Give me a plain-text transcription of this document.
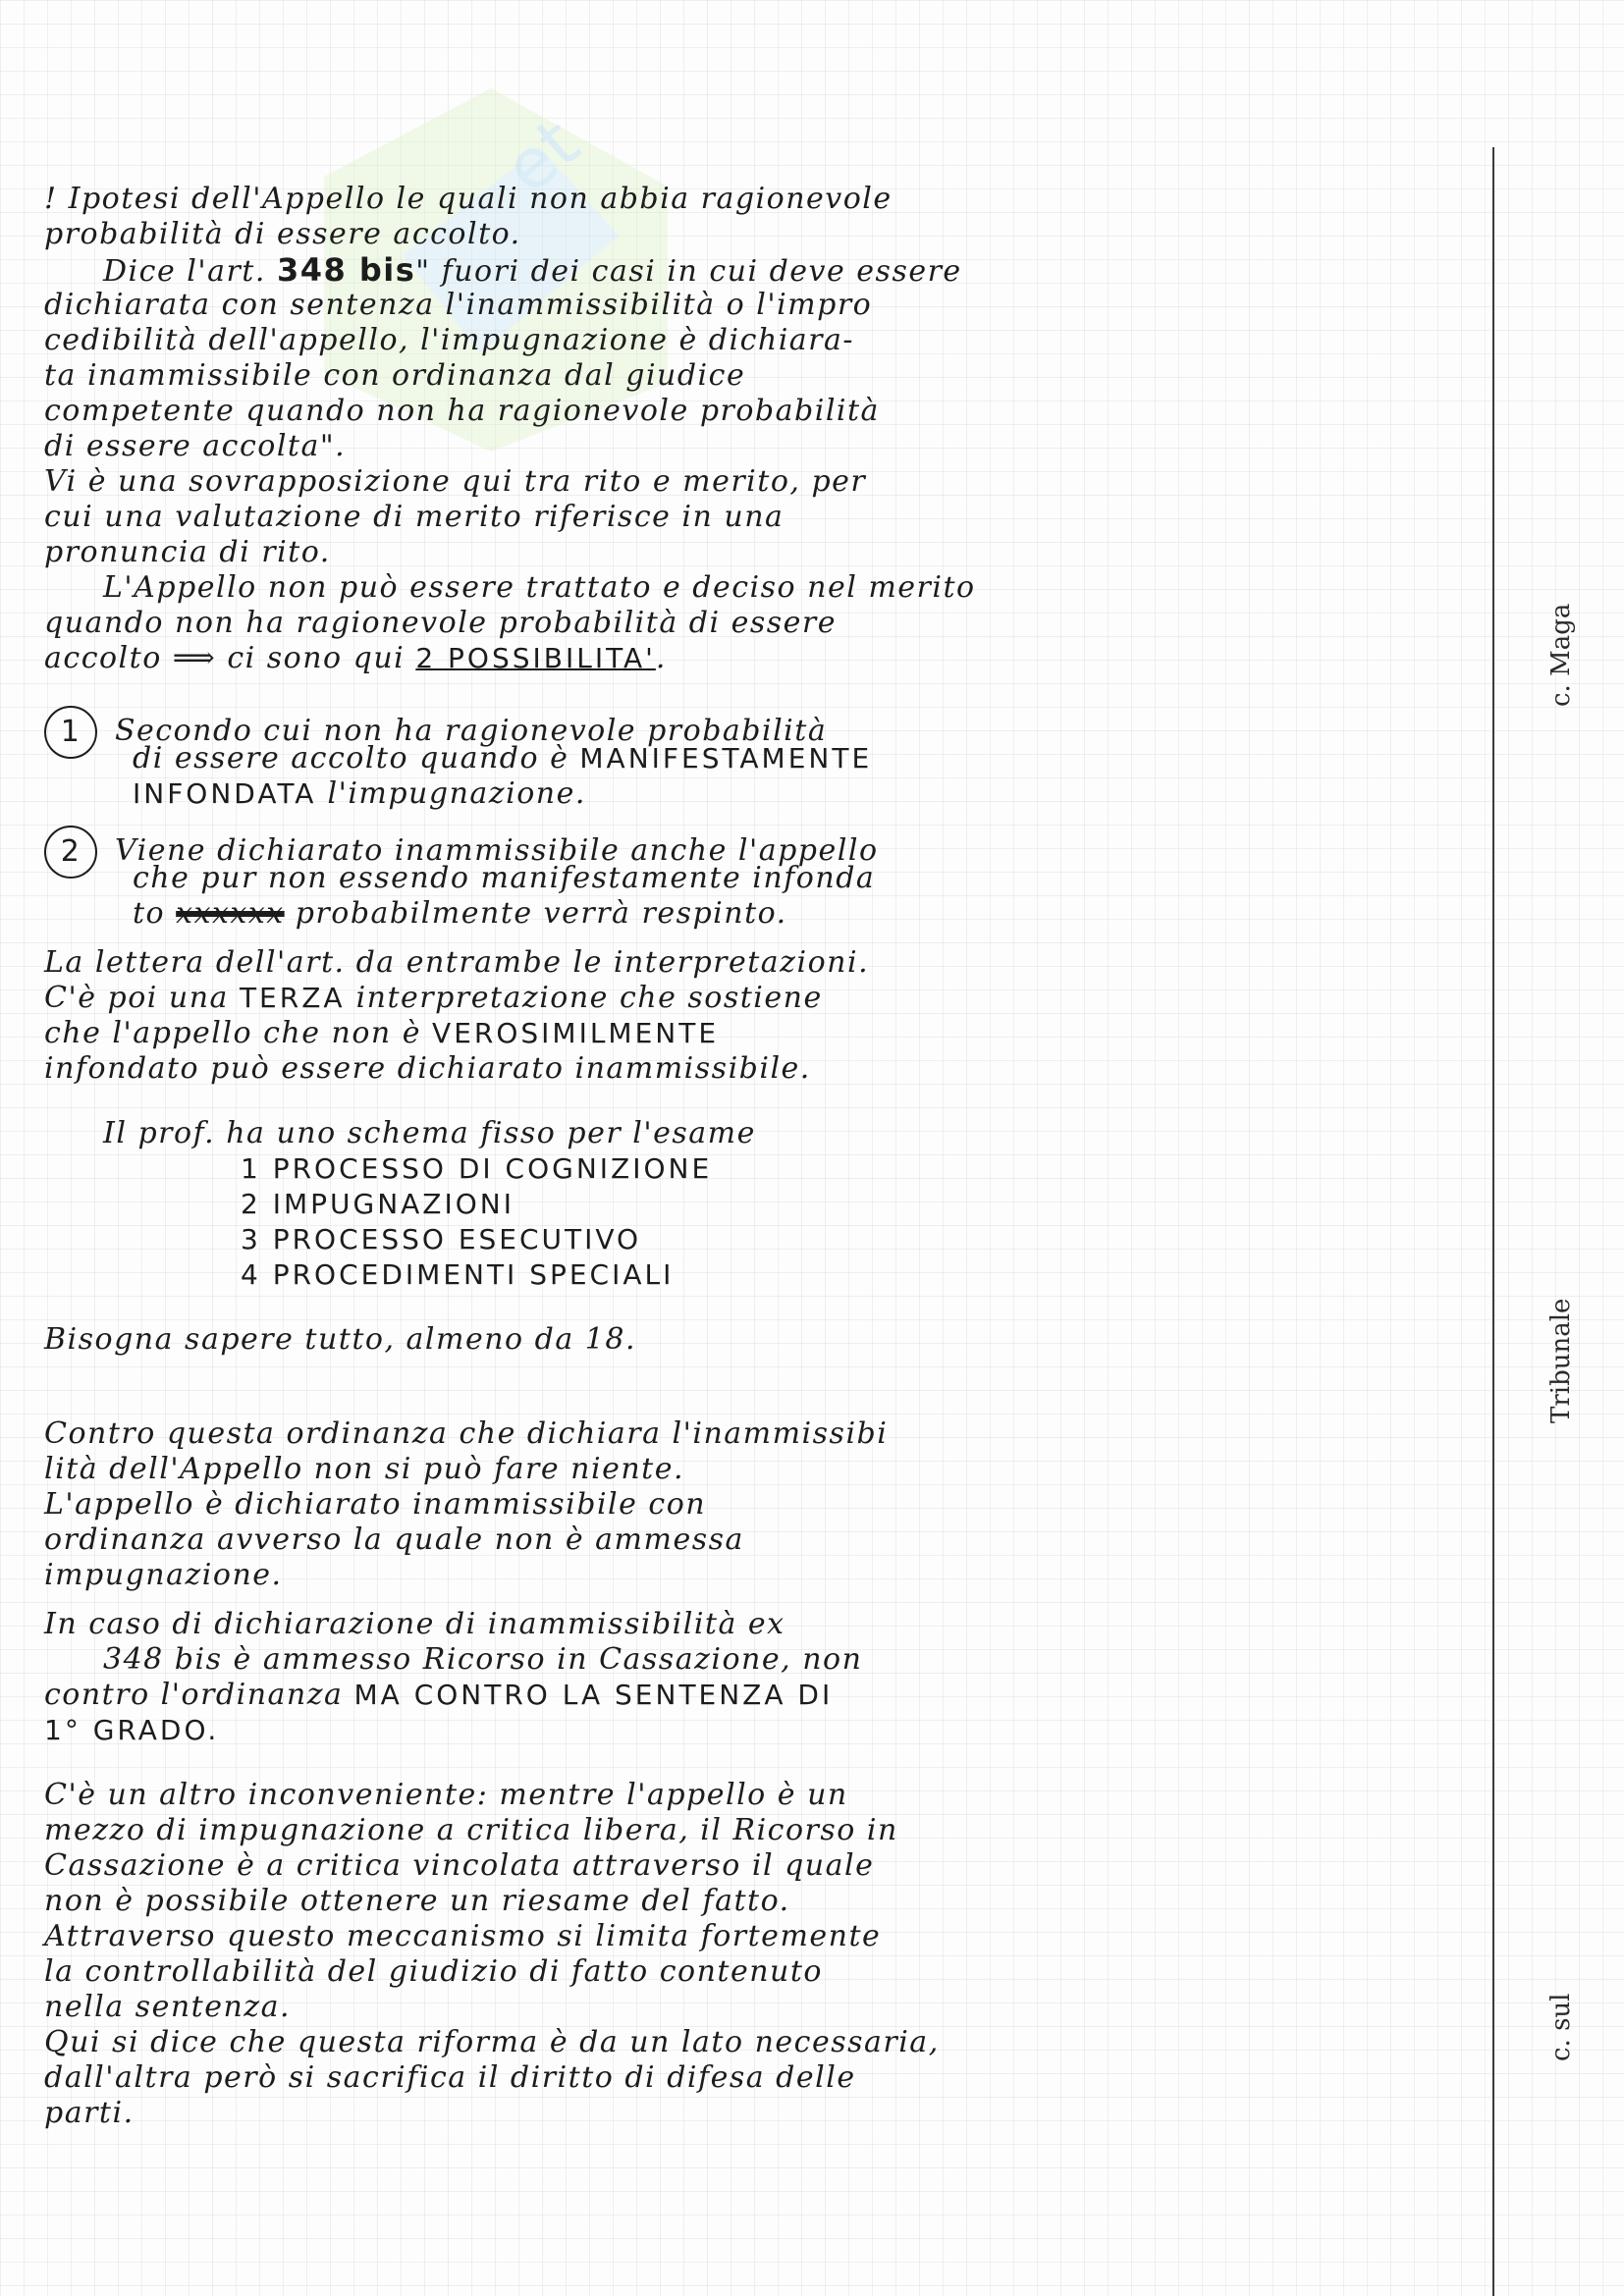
et
! Ipotesi dell'Appello le quali non abbia ragionevole
probabilità di essere accolto.
Dice l'art. 348 bis" fuori dei casi in cui deve essere
dichiarata con sentenza l'inammissibilità o l'impro
cedibilità dell'appello, l'impugnazione è dichiara-
ta inammissibile con ordinanza dal giudice
competente quando non ha ragionevole probabilità
di essere accolta".
Vi è una sovrapposizione qui tra rito e merito, per
cui una valutazione di merito riferisce in una
pronuncia di rito.
L'Appello non può essere trattato e deciso nel merito
quando non ha ragionevole probabilità di essere
accolto ⟹ ci sono qui 2 POSSIBILITA'.
1 Secondo cui non ha ragionevole probabilità
di essere accolto quando è MANIFESTAMENTE
INFONDATA l'impugnazione.
2 Viene dichiarato inammissibile anche l'appello
che pur non essendo manifestamente infonda
to xxxxxx probabilmente verrà respinto.
La lettera dell'art. da entrambe le interpretazioni.
C'è poi una TERZA interpretazione che sostiene
che l'appello che non è VEROSIMILMENTE
infondato può essere dichiarato inammissibile.
Il prof. ha uno schema fisso per l'esame
1 PROCESSO DI COGNIZIONE
2 IMPUGNAZIONI
3 PROCESSO ESECUTIVO
4 PROCEDIMENTI SPECIALI
Bisogna sapere tutto, almeno da 18.
Contro questa ordinanza che dichiara l'inammissibi
lità dell'Appello non si può fare niente.
L'appello è dichiarato inammissibile con
ordinanza avverso la quale non è ammessa
impugnazione.
In caso di dichiarazione di inammissibilità ex
348 bis è ammesso Ricorso in Cassazione, non
contro l'ordinanza MA CONTRO LA SENTENZA DI
1° GRADO.
C'è un altro inconveniente: mentre l'appello è un
mezzo di impugnazione a critica libera, il Ricorso in
Cassazione è a critica vincolata attraverso il quale
non è possibile ottenere un riesame del fatto.
Attraverso questo meccanismo si limita fortemente
la controllabilità del giudizio di fatto contenuto
nella sentenza.
Qui si dice che questa riforma è da un lato necessaria,
dall'altra però si sacrifica il diritto di difesa delle
parti.
c. Maga
Tribunale
c. sul
